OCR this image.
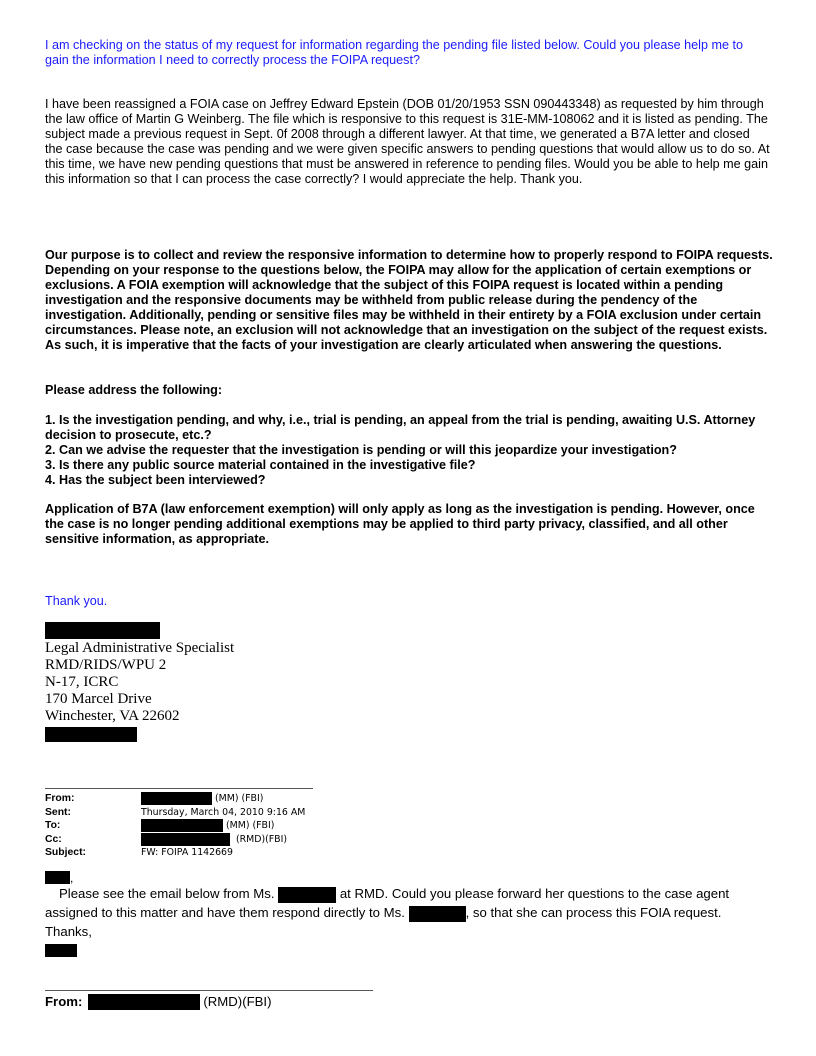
I am checking on the status of my request for information regarding the pending file listed below. Could you please help me to gain the information I need to correctly process the FOIPA request?

I have been reassigned a FOIA case on Jeffrey Edward Epstein (DOB 01/20/1953 SSN 090443348) as requested by him through the law office of Martin G Weinberg. The file which is responsive to this request is 31E-MM-108062 and it is listed as pending. The subject made a previous request in Sept. 0f 2008 through a different lawyer. At that time, we generated a B7A letter and closed the case because the case was pending and we were given specific answers to pending questions that would allow us to do so. At this time, we have new pending questions that must be answered in reference to pending files. Would you be able to help me gain this information so that I can process the case correctly? I would appreciate the help. Thank you.

Our purpose is to collect and review the responsive information to determine how to properly respond to FOIPA requests. Depending on your response to the questions below, the FOIPA may allow for the application of certain exemptions or exclusions. A FOIA exemption will acknowledge that the subject of this FOIPA request is located within a pending investigation and the responsive documents may be withheld from public release during the pendency of the investigation. Additionally, pending or sensitive files may be withheld in their entirety by a FOIA exclusion under certain circumstances. Please note, an exclusion will not acknowledge that an investigation on the subject of the request exists. As such, it is imperative that the facts of your investigation are clearly articulated when answering the questions.

Please address the following:

1. Is the investigation pending, and why, i.e., trial is pending, an appeal from the trial is pending, awaiting U.S. Attorney decision to prosecute, etc.?
2. Can we advise the requester that the investigation is pending or will this jeopardize your investigation?
3. Is there any public source material contained in the investigative file?
4. Has the subject been interviewed?

Application of B7A (law enforcement exemption) will only apply as long as the investigation is pending. However, once the case is no longer pending additional exemptions may be applied to third party privacy, classified, and all other sensitive information, as appropriate.

Thank you.

Legal Administrative Specialist
RMD/RIDS/WPU 2
N-17, ICRC
170 Marcel Drive
Winchester, VA 22602
From:	(MM) (FBI)
Sent:	Thursday, March 04, 2010 9:16 AM
To:	(MM) (FBI)
Cc:	(RMD)(FBI)
Subject:	FW: FOIPA 1142669
,
Please see the email below from Ms.	at RMD. Could you please forward her questions to the case agent
assigned to this matter and have them respond directly to Ms.	, so that she can process this FOIA request.
Thanks,
From:	(RMD)(FBI)
